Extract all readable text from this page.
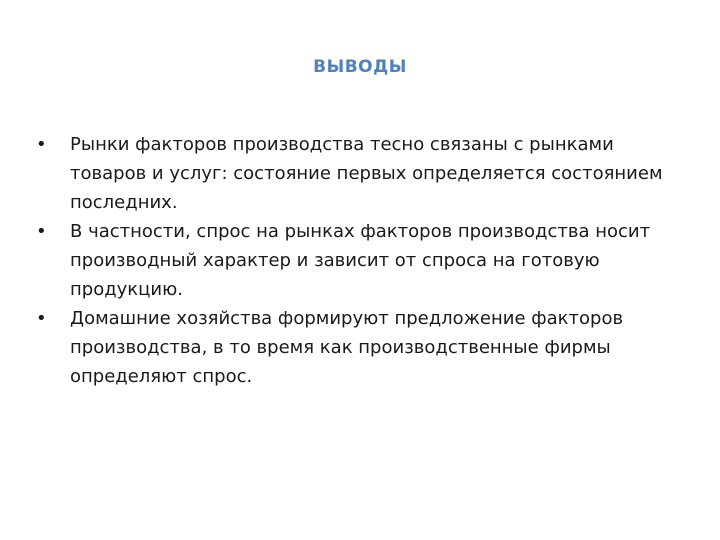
ВЫВОДЫ
•	Рынки факторов производства тесно связаны с рынками товаров и услуг: состояние первых определяется состоянием последних.
•	В частности, спрос на рынках факторов производства носит производный характер и зависит от спроса на готовую продукцию.
•	Домашние хозяйства формируют предложение факторов производства, в то время как производственные фирмы определяют спрос.
